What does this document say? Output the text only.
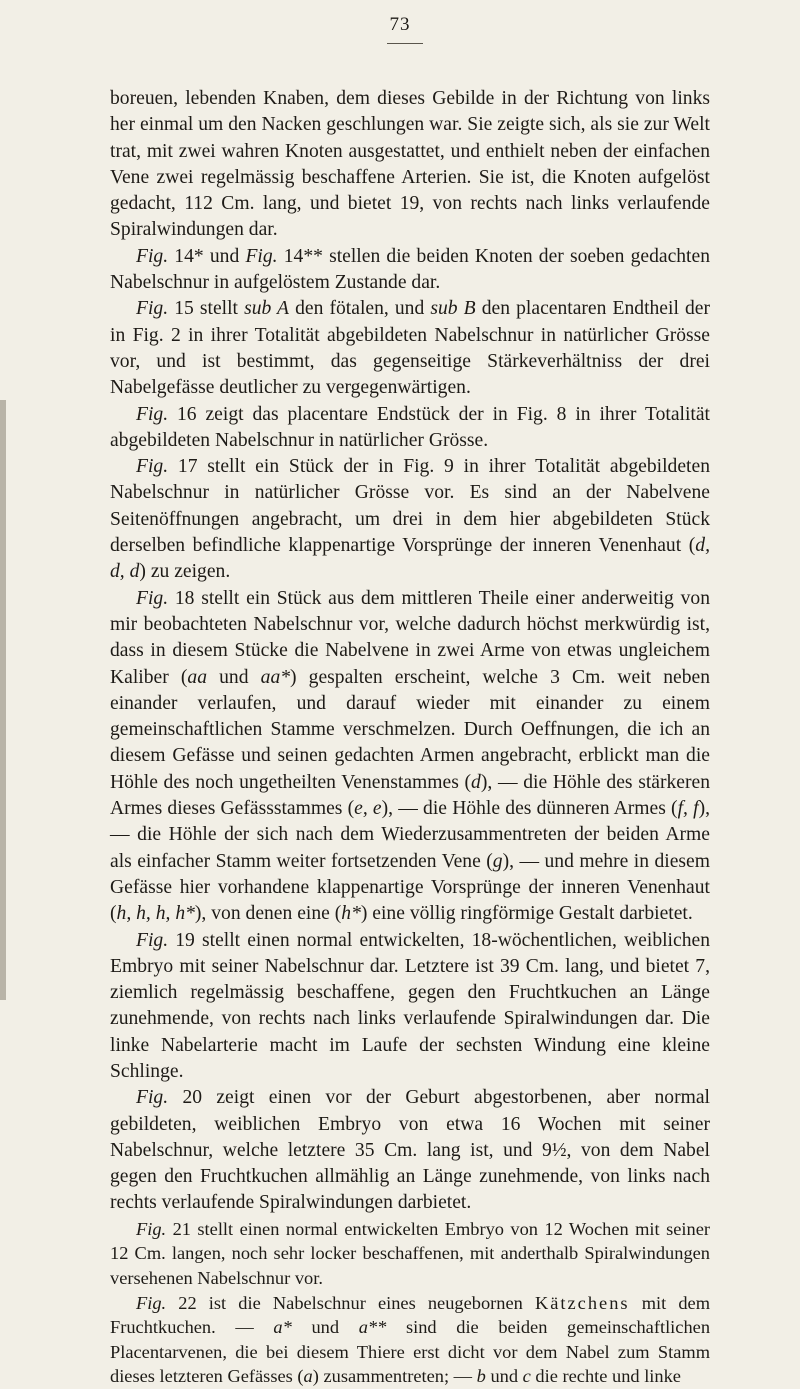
73

boreuen, lebenden Knaben, dem dieses Gebilde in der Richtung von links her einmal um den Nacken geschlungen war. Sie zeigte sich, als sie zur Welt trat, mit zwei wahren Knoten ausgestattet, und enthielt neben der einfachen Vene zwei regelmässig beschaffene Arterien. Sie ist, die Knoten aufgelöst gedacht, 112 Cm. lang, und bietet 19, von rechts nach links verlaufende Spiralwindungen dar.

Fig. 14* und Fig. 14** stellen die beiden Knoten der soeben gedachten Nabelschnur in aufgelöstem Zustande dar.

Fig. 15 stellt sub A den fötalen, und sub B den placentaren Endtheil der in Fig. 2 in ihrer Totalität abgebildeten Nabelschnur in natürlicher Grösse vor, und ist bestimmt, das gegenseitige Stärkeverhältniss der drei Nabelgefässe deutlicher zu vergegenwärtigen.

Fig. 16 zeigt das placentare Endstück der in Fig. 8 in ihrer Totalität abgebildeten Nabelschnur in natürlicher Grösse.

Fig. 17 stellt ein Stück der in Fig. 9 in ihrer Totalität abgebildeten Nabelschnur in natürlicher Grösse vor. Es sind an der Nabelvene Seitenöffnungen angebracht, um drei in dem hier abgebildeten Stück derselben befindliche klappenartige Vorsprünge der inneren Venenhaut (d, d, d) zu zeigen.

Fig. 18 stellt ein Stück aus dem mittleren Theile einer anderweitig von mir beobachteten Nabelschnur vor, welche dadurch höchst merkwürdig ist, dass in diesem Stücke die Nabelvene in zwei Arme von etwas ungleichem Kaliber (aa und aa*) gespalten erscheint, welche 3 Cm. weit neben einander verlaufen, und darauf wieder mit einander zu einem gemeinschaftlichen Stamme verschmelzen. Durch Oeffnungen, die ich an diesem Gefässe und seinen gedachten Armen angebracht, erblickt man die Höhle des noch ungetheilten Venenstammes (d), — die Höhle des stärkeren Armes dieses Gefässstammes (e, e), — die Höhle des dünneren Armes (f, f), — die Höhle der sich nach dem Wiederzusammentreten der beiden Arme als einfacher Stamm weiter fortsetzenden Vene (g), — und mehre in diesem Gefässe hier vorhandene klappenartige Vorsprünge der inneren Venenhaut (h, h, h, h*), von denen eine (h*) eine völlig ringförmige Gestalt darbietet.

Fig. 19 stellt einen normal entwickelten, 18-wöchentlichen, weiblichen Embryo mit seiner Nabelschnur dar. Letztere ist 39 Cm. lang, und bietet 7, ziemlich regelmässig beschaffene, gegen den Fruchtkuchen an Länge zunehmende, von rechts nach links verlaufende Spiralwindungen dar. Die linke Nabelarterie macht im Laufe der sechsten Windung eine kleine Schlinge.

Fig. 20 zeigt einen vor der Geburt abgestorbenen, aber normal gebildeten, weiblichen Embryo von etwa 16 Wochen mit seiner Nabelschnur, welche letztere 35 Cm. lang ist, und 9½, von dem Nabel gegen den Fruchtkuchen allmählig an Länge zunehmende, von links nach rechts verlaufende Spiralwindungen darbietet.

Fig. 21 stellt einen normal entwickelten Embryo von 12 Wochen mit seiner 12 Cm. langen, noch sehr locker beschaffenen, mit anderthalb Spiralwindungen versehenen Nabelschnur vor.

Fig. 22 ist die Nabelschnur eines neugebornen Kätzchens mit dem Fruchtkuchen. — a* und a** sind die beiden gemeinschaftlichen Placentarvenen, die bei diesem Thiere erst dicht vor dem Nabel zum Stamm dieses letzteren Gefässes (a) zusammentreten; — b und c die rechte und linke
